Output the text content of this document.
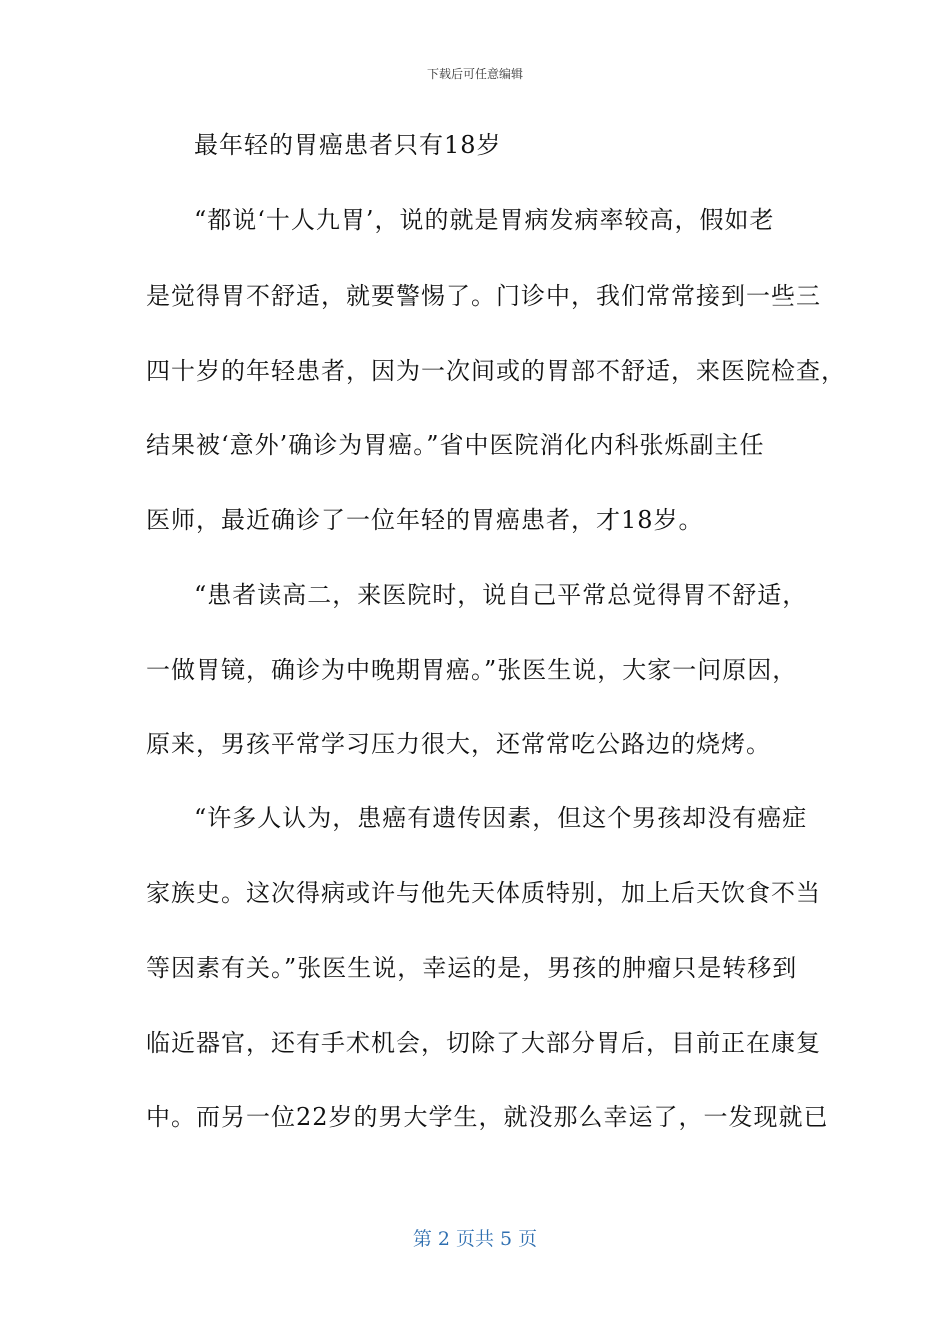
下载后可任意编辑
最年轻的胃癌患者只有18岁
“都说‘十人九胃’，说的就是胃病发病率较高，假如老
是觉得胃不舒适，就要警惕了。门诊中，我们常常接到一些三
四十岁的年轻患者，因为一次间或的胃部不舒适，来医院检查，
结果被‘意外’确诊为胃癌。”省中医院消化内科张烁副主任
医师，最近确诊了一位年轻的胃癌患者，才18岁。
“患者读高二，来医院时，说自己平常总觉得胃不舒适，
一做胃镜，确诊为中晚期胃癌。”张医生说，大家一问原因，
原来，男孩平常学习压力很大，还常常吃公路边的烧烤。
“许多人认为，患癌有遗传因素，但这个男孩却没有癌症
家族史。这次得病或许与他先天体质特别，加上后天饮食不当
等因素有关。”张医生说，幸运的是，男孩的肿瘤只是转移到
临近器官，还有手术机会，切除了大部分胃后，目前正在康复
中。而另一位22岁的男大学生，就没那么幸运了，一发现就已
第 2 页共 5 页
